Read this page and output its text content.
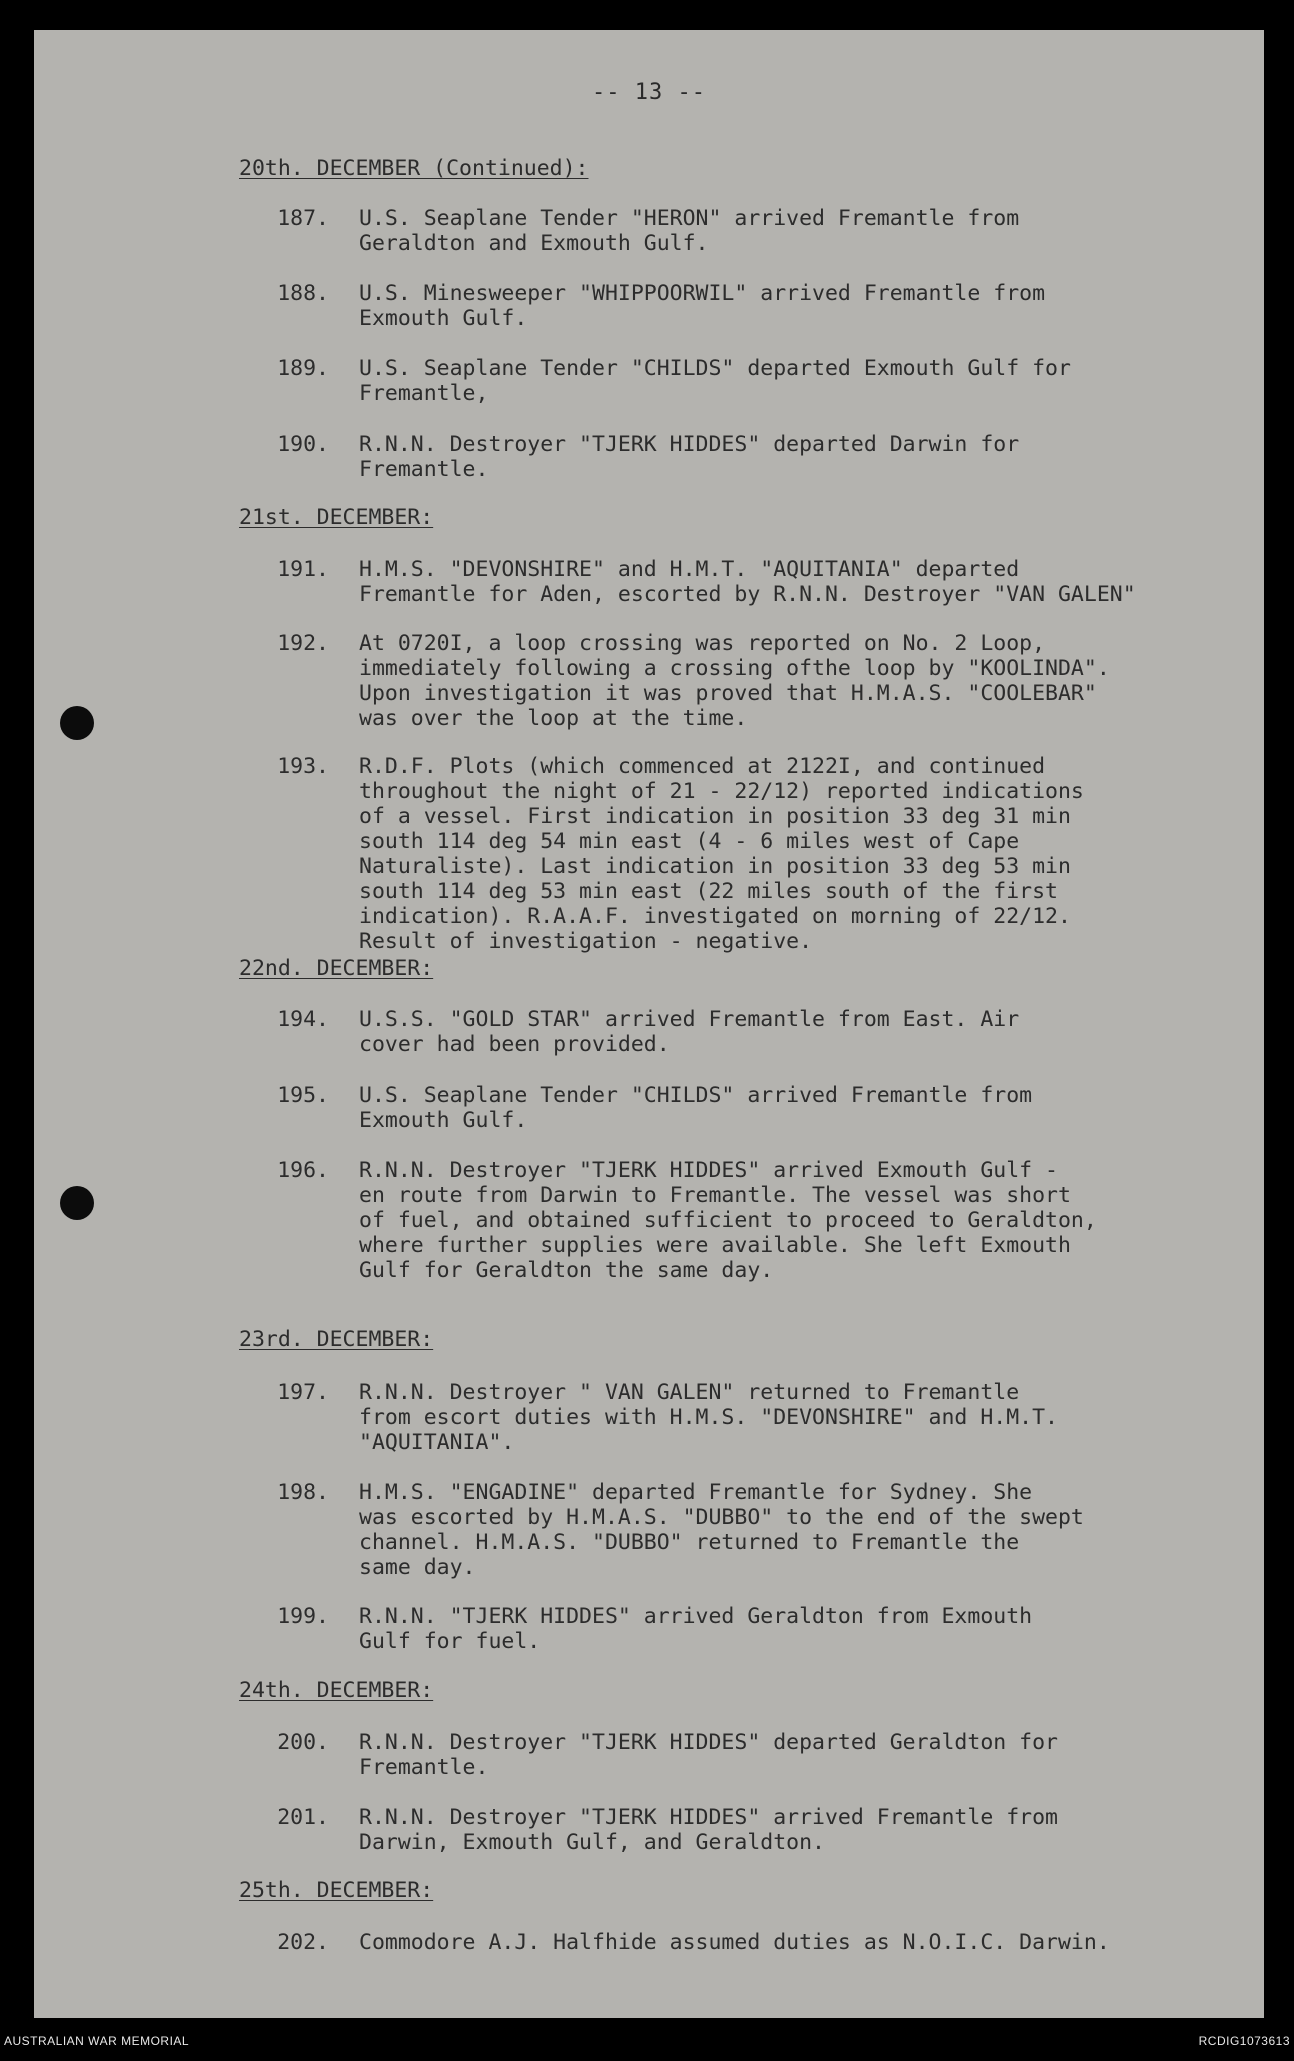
-- 13 --
20th. DECEMBER (Continued):
187. U.S. Seaplane Tender "HERON" arrived Fremantle from
Geraldton and Exmouth Gulf.
188. U.S. Minesweeper "WHIPPOORWIL" arrived Fremantle from
Exmouth Gulf.
189. U.S. Seaplane Tender "CHILDS" departed Exmouth Gulf for
Fremantle,
190. R.N.N. Destroyer "TJERK HIDDES" departed Darwin for
Fremantle.
21st. DECEMBER:
191. H.M.S. "DEVONSHIRE" and H.M.T. "AQUITANIA" departed
Fremantle for Aden, escorted by R.N.N. Destroyer "VAN GALEN"
192. At 0720I, a loop crossing was reported on No. 2 Loop,
immediately following a crossing ofthe loop by "KOOLINDA".
Upon investigation it was proved that H.M.A.S. "COOLEBAR"
was over the loop at the time.
193. R.D.F. Plots (which commenced at 2122I, and continued
throughout the night of 21 - 22/12) reported indications
of a vessel. First indication in position 33 deg 31 min
south 114 deg 54 min east (4 - 6 miles west of Cape
Naturaliste). Last indication in position 33 deg 53 min
south 114 deg 53 min east (22 miles south of the first
indication). R.A.A.F. investigated on morning of 22/12.
Result of investigation - negative.
22nd. DECEMBER:
194. U.S.S. "GOLD STAR" arrived Fremantle from East. Air
cover had been provided.
195. U.S. Seaplane Tender "CHILDS" arrived Fremantle from
Exmouth Gulf.
196. R.N.N. Destroyer "TJERK HIDDES" arrived Exmouth Gulf -
en route from Darwin to Fremantle. The vessel was short
of fuel, and obtained sufficient to proceed to Geraldton,
where further supplies were available. She left Exmouth
Gulf for Geraldton the same day.
23rd. DECEMBER:
197. R.N.N. Destroyer " VAN GALEN" returned to Fremantle
from escort duties with H.M.S. "DEVONSHIRE" and H.M.T.
"AQUITANIA".
198. H.M.S. "ENGADINE" departed Fremantle for Sydney. She
was escorted by H.M.A.S. "DUBBO" to the end of the swept
channel. H.M.A.S. "DUBBO" returned to Fremantle the
same day.
199. R.N.N. "TJERK HIDDES" arrived Geraldton from Exmouth
Gulf for fuel.
24th. DECEMBER:
200. R.N.N. Destroyer "TJERK HIDDES" departed Geraldton for
Fremantle.
201. R.N.N. Destroyer "TJERK HIDDES" arrived Fremantle from
Darwin, Exmouth Gulf, and Geraldton.
25th. DECEMBER:
202. Commodore A.J. Halfhide assumed duties as N.O.I.C. Darwin.
AUSTRALIAN WAR MEMORIAL	RCDIG1073613
